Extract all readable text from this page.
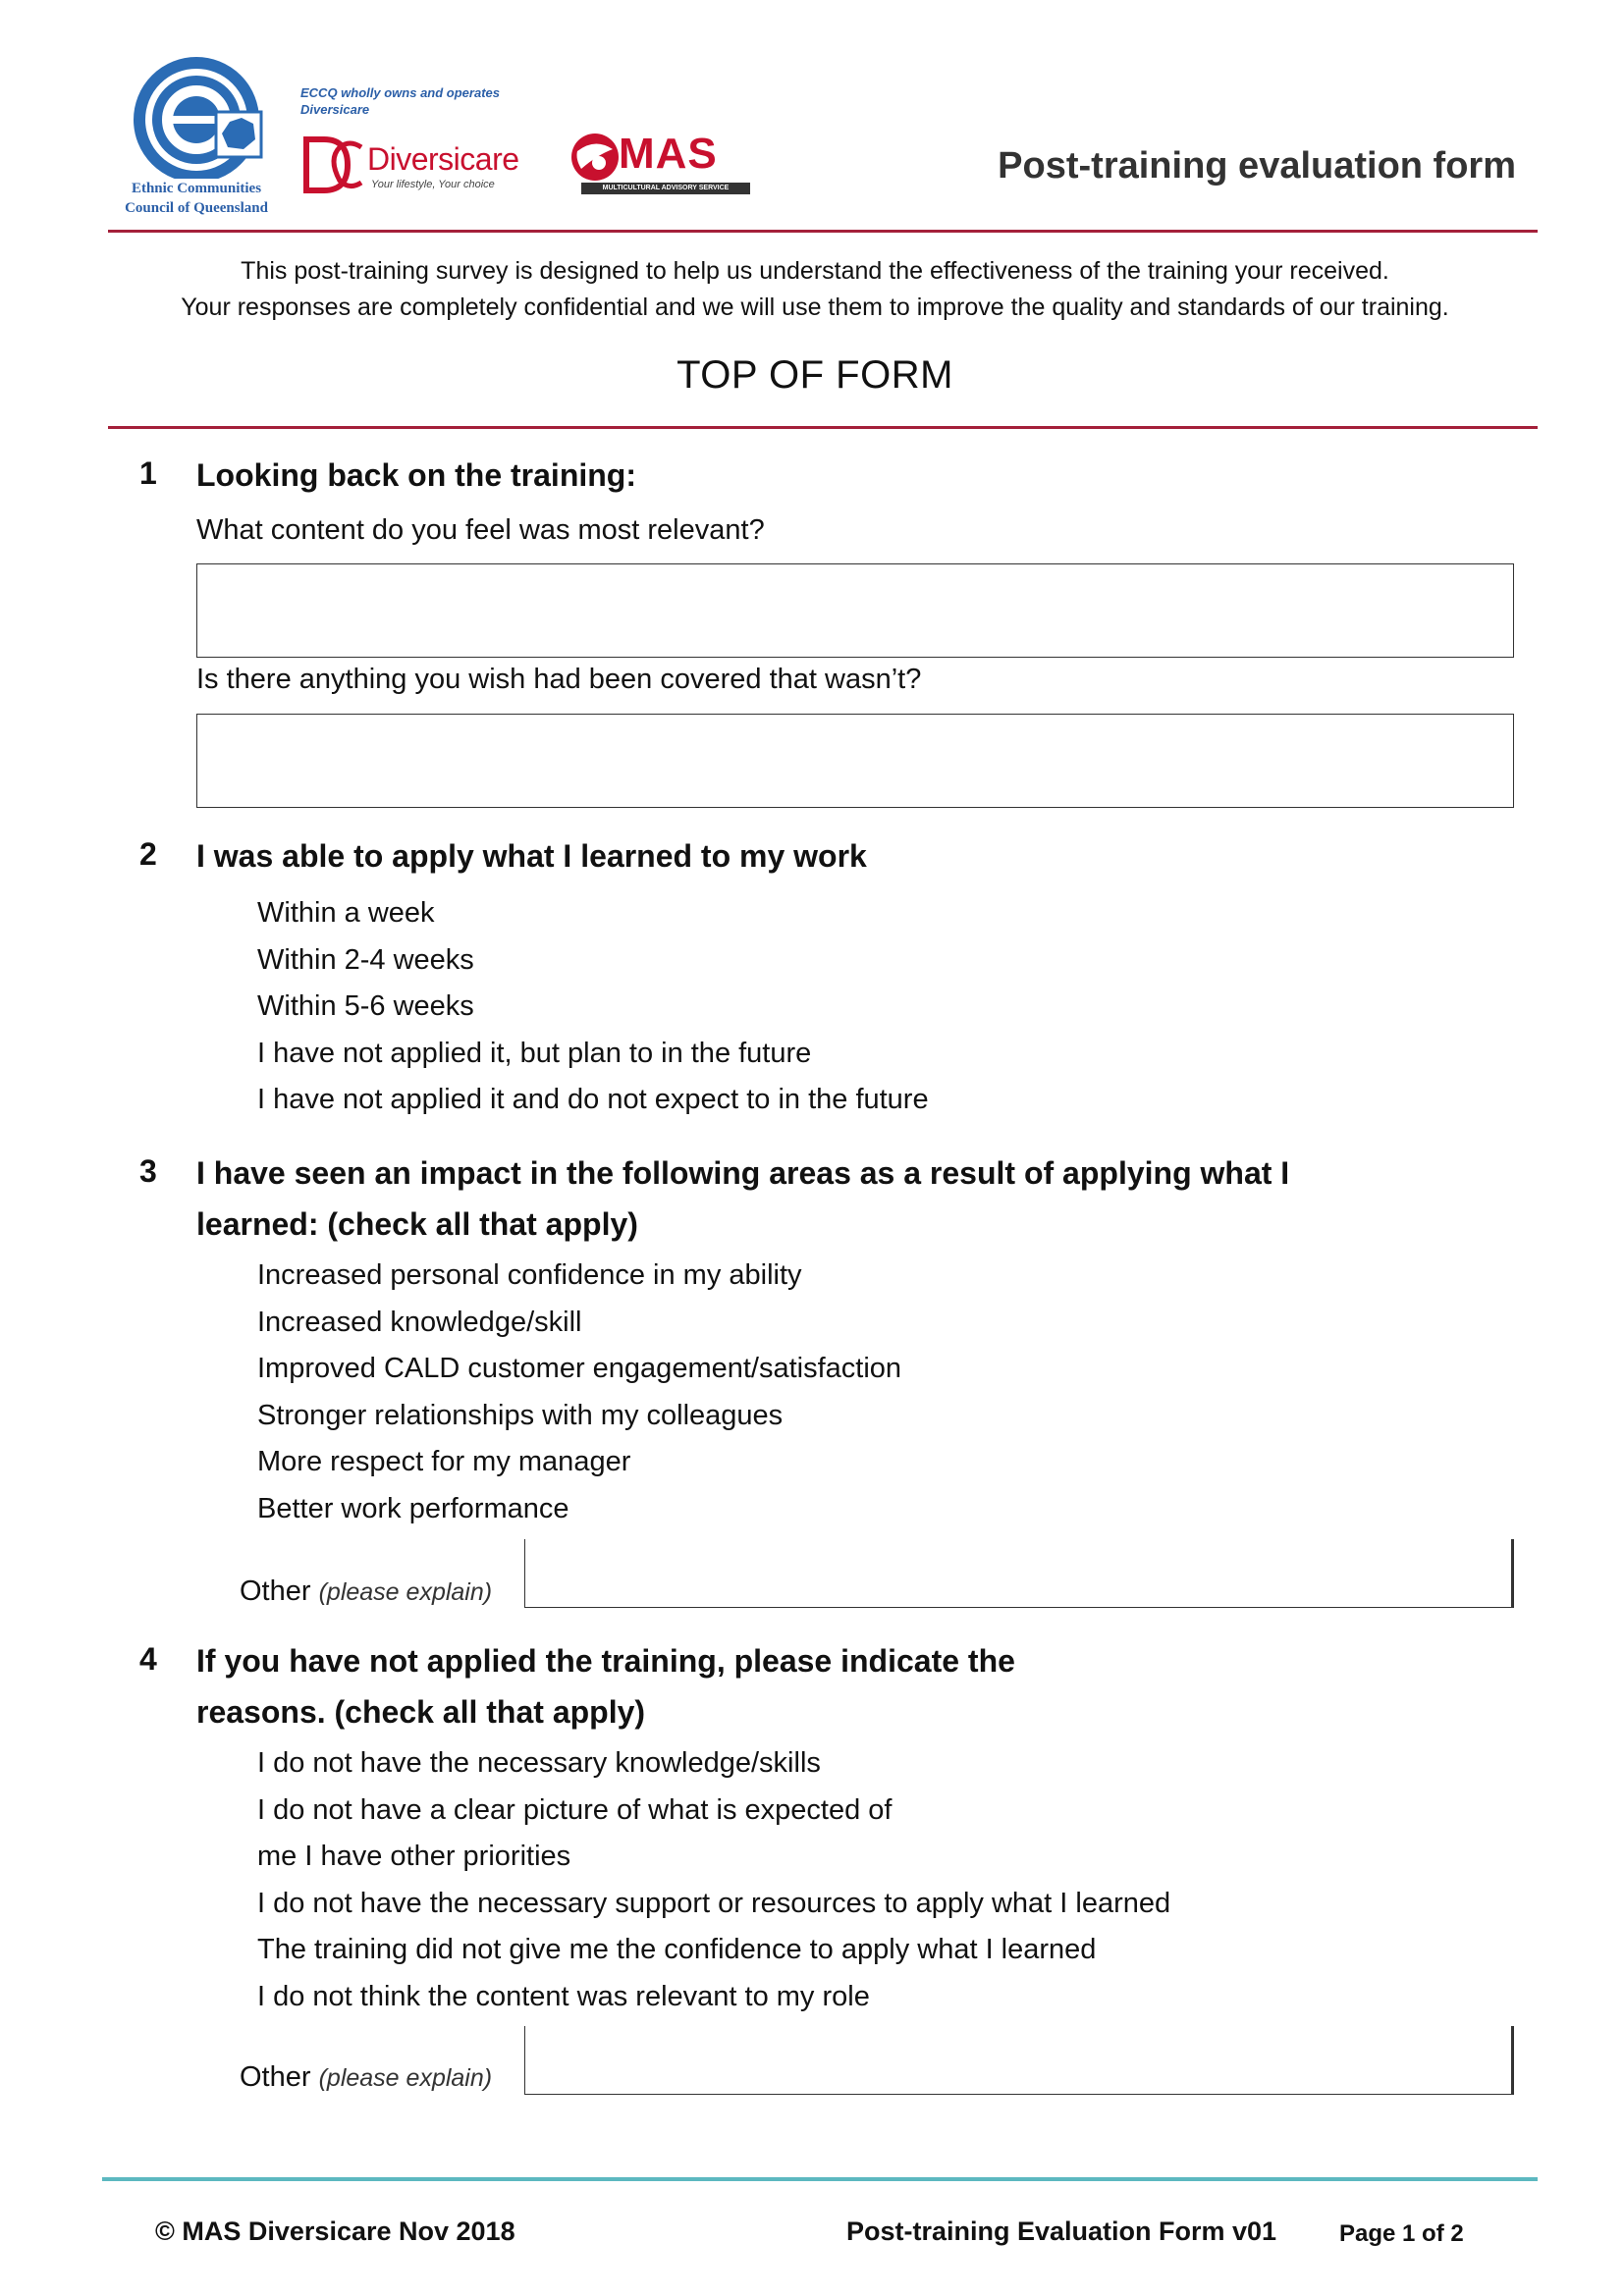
Ethnic Communities
Council of Queensland
ECCQ wholly owns and operates
Diversicare
Diversicare
Your lifestyle, Your choice
MAS
MULTICULTURAL ADVISORY SERVICE
Post-training evaluation form
This post-training survey is designed to help us understand the effectiveness of the training your received.
Your responses are completely confidential and we will use them to improve the quality and standards of our training.
TOP OF FORM
1 Looking back on the training:
What content do you feel was most relevant?
Is there anything you wish had been covered that wasn’t?
2 I was able to apply what I learned to my work
Within a week
Within 2-4 weeks
Within 5-6 weeks
I have not applied it, but plan to in the future
I have not applied it and do not expect to in the future
3 I have seen an impact in the following areas as a result of applying what I
learned: (check all that apply)
Increased personal confidence in my ability
Increased knowledge/skill
Improved CALD customer engagement/satisfaction
Stronger relationships with my colleagues
More respect for my manager
Better work performance
Other (please explain)
4 If you have not applied the training, please indicate the
reasons. (check all that apply)
I do not have the necessary knowledge/skills
I do not have a clear picture of what is expected of
me I have other priorities
I do not have the necessary support or resources to apply what I learned
The training did not give me the confidence to apply what I learned
I do not think the content was relevant to my role
Other (please explain)
© MAS Diversicare Nov 2018	Post-training Evaluation Form v01	Page 1 of 2
